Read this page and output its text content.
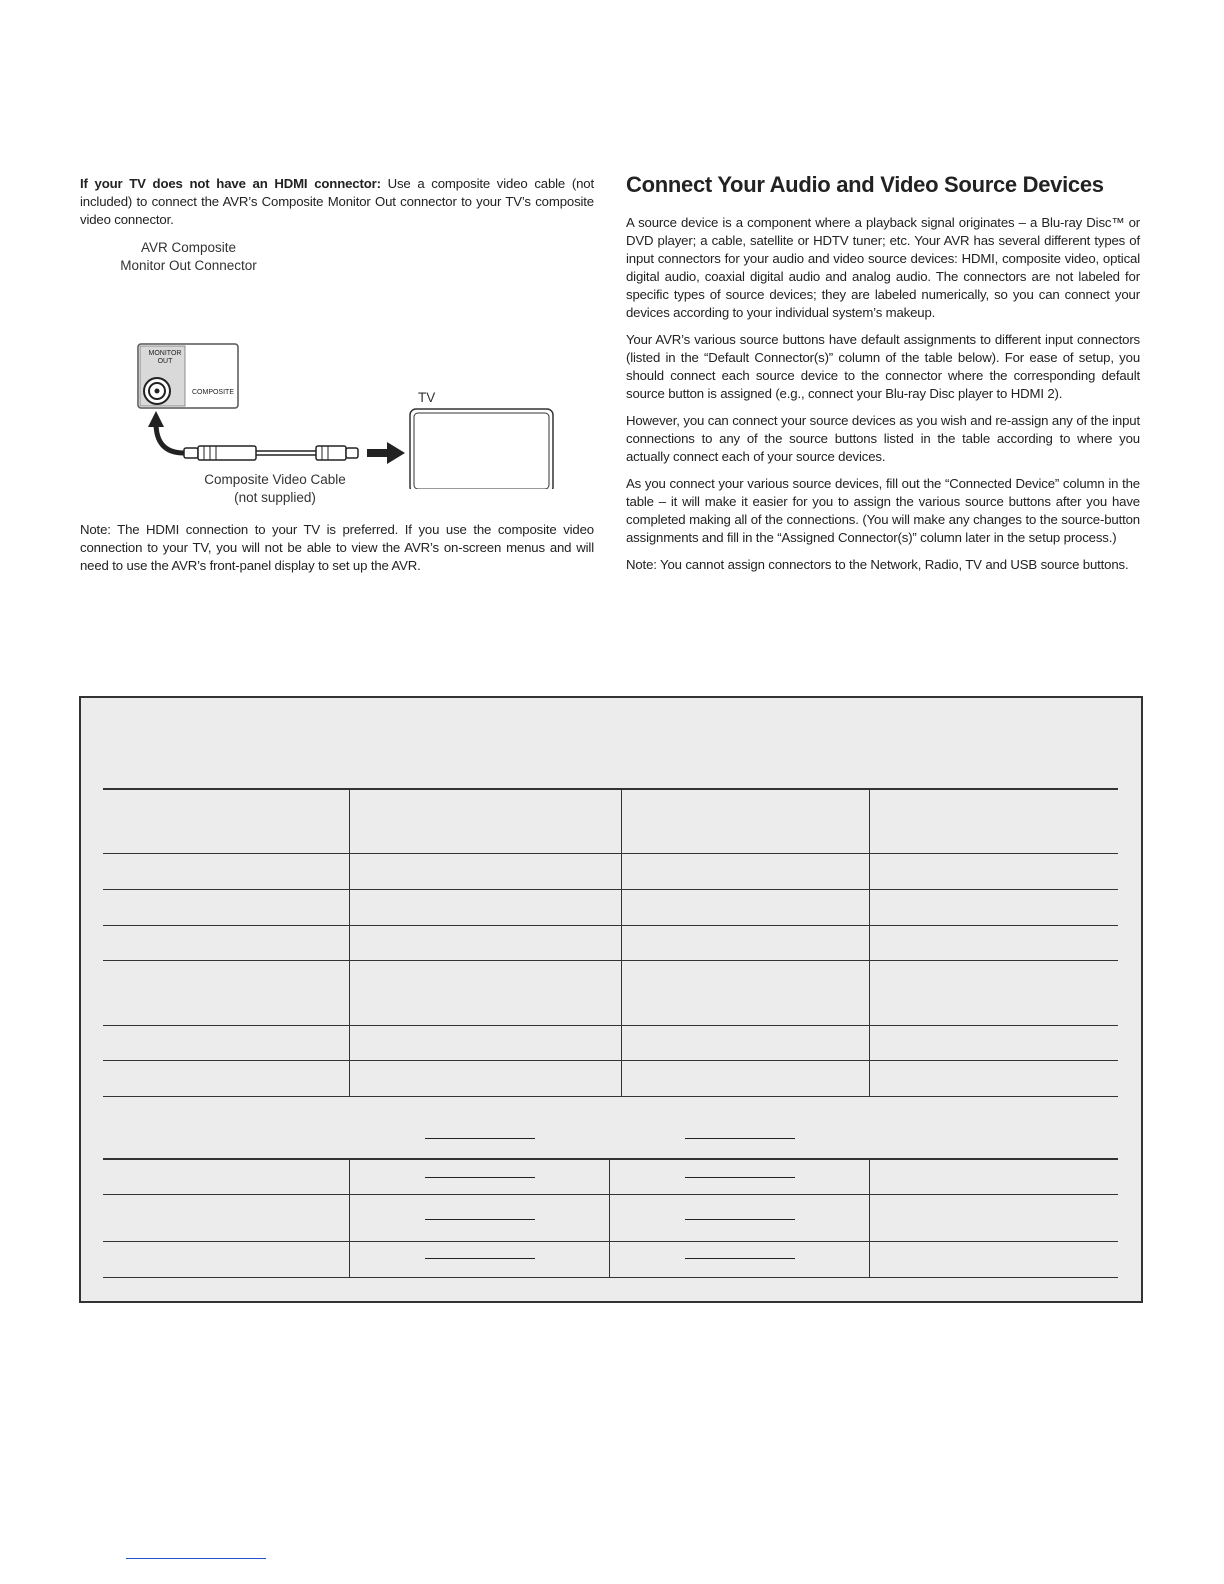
If your TV does not have an HDMI connector: Use a composite video cable (not included) to connect the AVR’s Composite Monitor Out connector to your TV’s composite video connector.

AVR Composite
Monitor Out Connector
MONITOR
OUT
COMPOSITE	TV
Composite Video Cable
(not supplied)

Note: The HDMI connection to your TV is preferred. If you use the composite video connection to your TV, you will not be able to view the AVR’s on-screen menus and will need to use the AVR’s front-panel display to set up the AVR.

Connect Your Audio and Video Source Devices

A source device is a component where a playback signal originates – a Blu-ray Disc™ or DVD player; a cable, satellite or HDTV tuner; etc. Your AVR has several different types of input connectors for your audio and video source devices: HDMI, composite video, optical digital audio, coaxial digital audio and analog audio. The connectors are not labeled for specific types of source devices; they are labeled numerically, so you can connect your devices according to your individual system’s makeup.

Your AVR’s various source buttons have default assignments to different input connectors (listed in the “Default Connector(s)” column of the table below). For ease of setup, you should connect each source device to the connector where the corresponding default source button is assigned (e.g., connect your Blu-ray Disc player to HDMI 2).

However, you can connect your source devices as you wish and re-assign any of the input connections to any of the source buttons listed in the table according to where you actually connect each of your source devices.

As you connect your various source devices, fill out the “Connected Device” column in the table – it will make it easier for you to assign the various source buttons after you have completed making all of the connections. (You will make any changes to the source-button assignments and fill in the “Assigned Connector(s)” column later in the setup process.)

Note: You cannot assign connectors to the Network, Radio, TV and USB source buttons.
